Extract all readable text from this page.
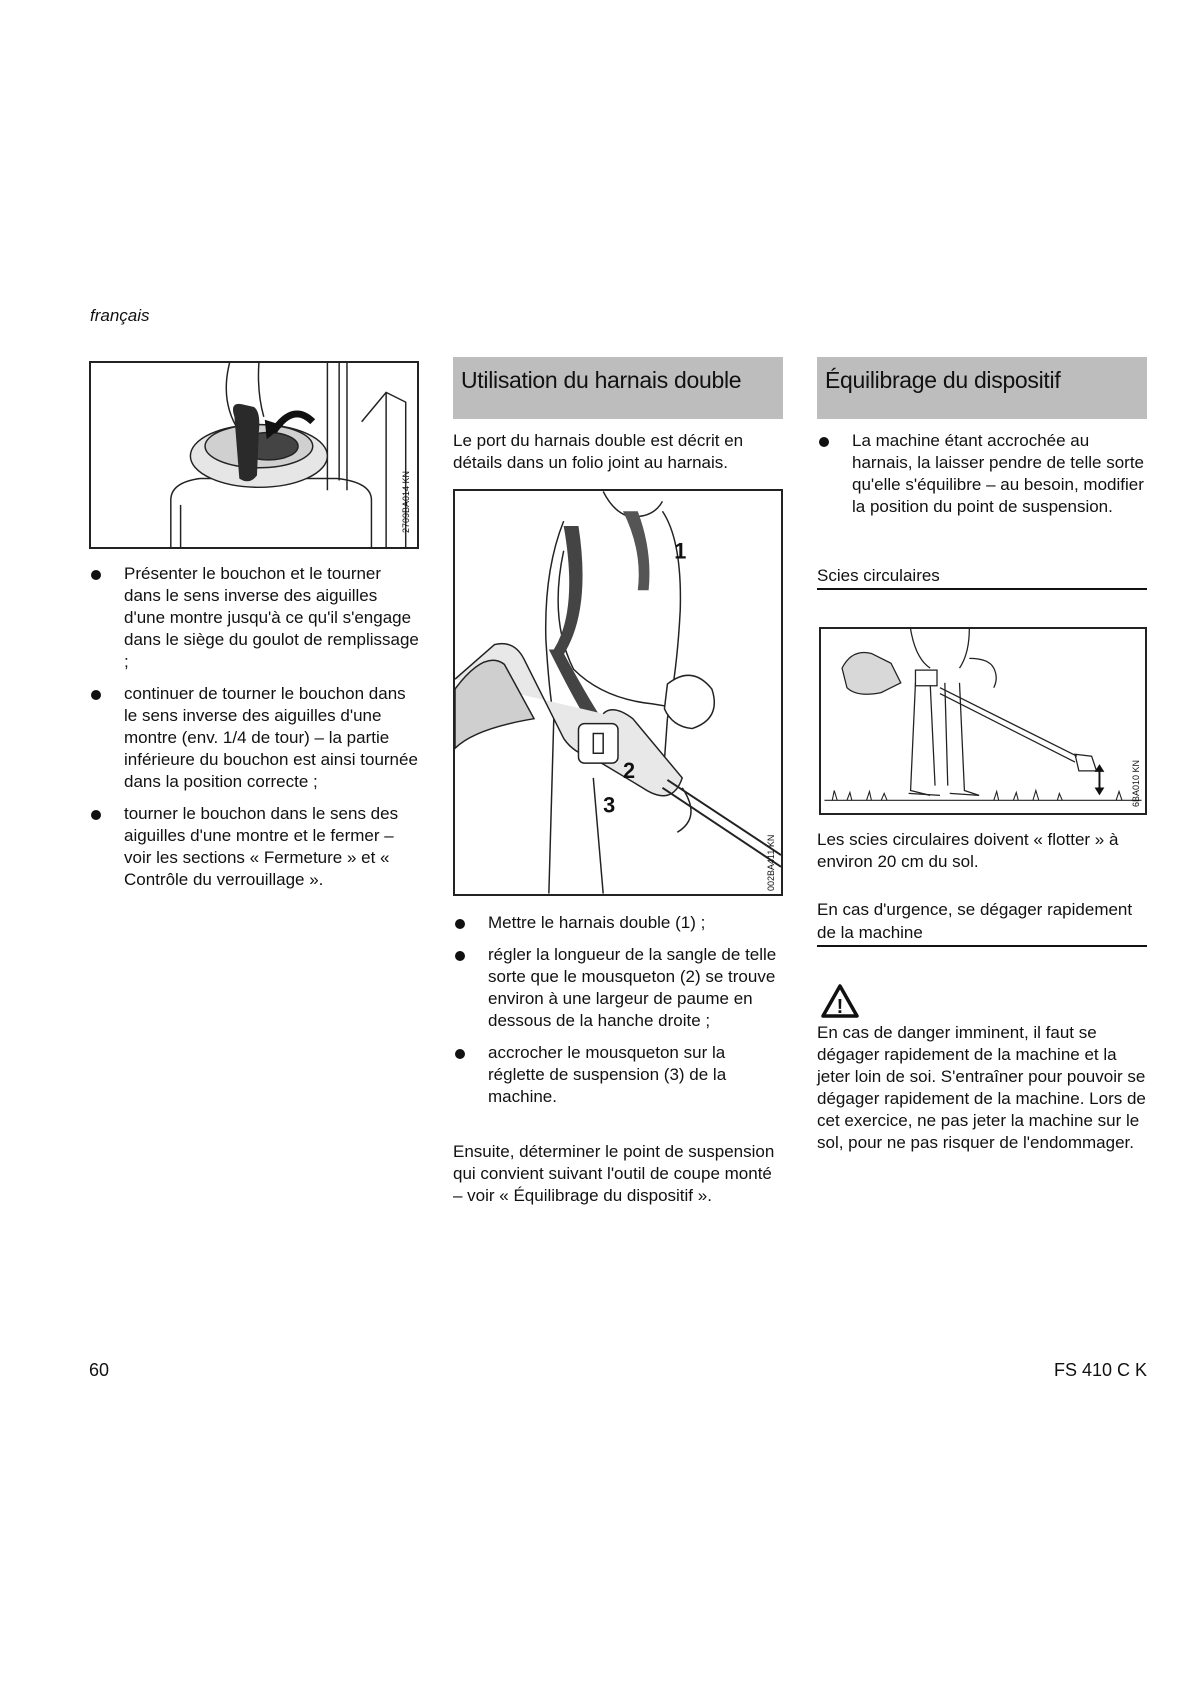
français
2709BA014 KN
Présenter le bouchon et le tourner dans le sens inverse des aiguilles d'une montre jusqu'à ce qu'il s'engage dans le siège du goulot de remplissage ;
continuer de tourner le bouchon dans le sens inverse des aiguilles d'une montre (env. 1/4 de tour) – la partie inférieure du bouchon est ainsi tournée dans la position correcte ;
tourner le bouchon dans le sens des aiguilles d'une montre et le fermer – voir les sections « Fermeture » et « Contrôle du verrouillage ».
Utilisation du harnais double

Le port du harnais double est décrit en détails dans un folio joint au harnais.

1
2
3
002BA411 KN
Mettre le harnais double (1) ;
régler la longueur de la sangle de telle sorte que le mousqueton (2) se trouve environ à une largeur de paume en dessous de la hanche droite ;
accrocher le mousqueton sur la réglette de suspension (3) de la machine.

Ensuite, déterminer le point de suspension qui convient suivant l'outil de coupe monté – voir « Équilibrage du dispositif ».

Équilibrage du dispositif
La machine étant accrochée au harnais, la laisser pendre de telle sorte qu'elle s'équilibre – au besoin, modifier la position du point de suspension.
Scies circulaires
6BA010 KN

Les scies circulaires doivent « flotter » à environ 20 cm du sol.

En cas d'urgence, se dégager rapidement de la machine
!

En cas de danger imminent, il faut se dégager rapidement de la machine et la jeter loin de soi. S'entraîner pour pouvoir se dégager rapidement de la machine. Lors de cet exercice, ne pas jeter la machine sur le sol, pour ne pas risquer de l'endommager.

60	FS 410 C K
